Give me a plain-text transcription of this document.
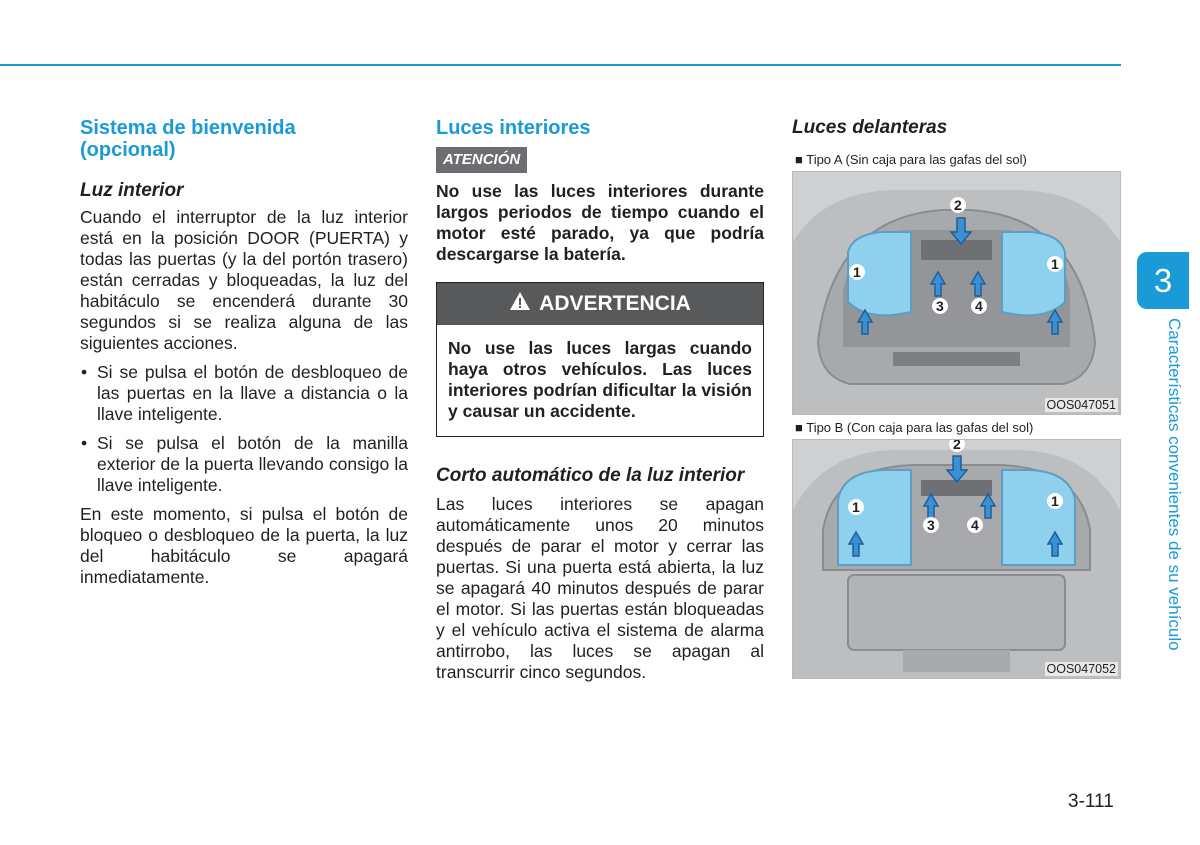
Sistema de bienvenida (opcional)
Luz interior

Cuando el interruptor de la luz interior está en la posición DOOR (PUERTA) y todas las puertas (y la del portón trasero) están cerradas y bloqueadas, la luz del habitáculo se encenderá durante 30 segundos si se realiza alguna de las siguientes acciones.

• Si se pulsa el botón de desbloqueo de las puertas en la llave a distancia o la llave inteligente.
• Si se pulsa el botón de la manilla exterior de la puerta llevando consigo la llave inteligente.

En este momento, si pulsa el botón de bloqueo o desbloqueo de la puerta, la luz del habitáculo se apagará inmediatamente.

Luces interiores
ATENCIÓN

No use las luces interiores durante largos periodos de tiempo cuando el motor esté parado, ya que podría descargarse la batería.

ADVERTENCIA

No use las luces largas cuando haya otros vehículos. Las luces interiores podrían dificultar la visión y causar un accidente.

Corto automático de la luz interior

Las luces interiores se apagan automáticamente unos 20 minutos después de parar el motor y cerrar las puertas. Si una puerta está abierta, la luz se apagará 40 minutos después de parar el motor. Si las puertas están bloqueadas y el vehículo activa el sistema de alarma antirrobo, las luces se apagan al transcurrir cinco segundos.

Luces delanteras
■ Tipo A (Sin caja para las gafas del sol)
2
1	1
3 4
OOS047051
■ Tipo B (Con caja para las gafas del sol)
2
1	1
3	4
OOS047052
3
Características convenientes de su vehículo
3-111
